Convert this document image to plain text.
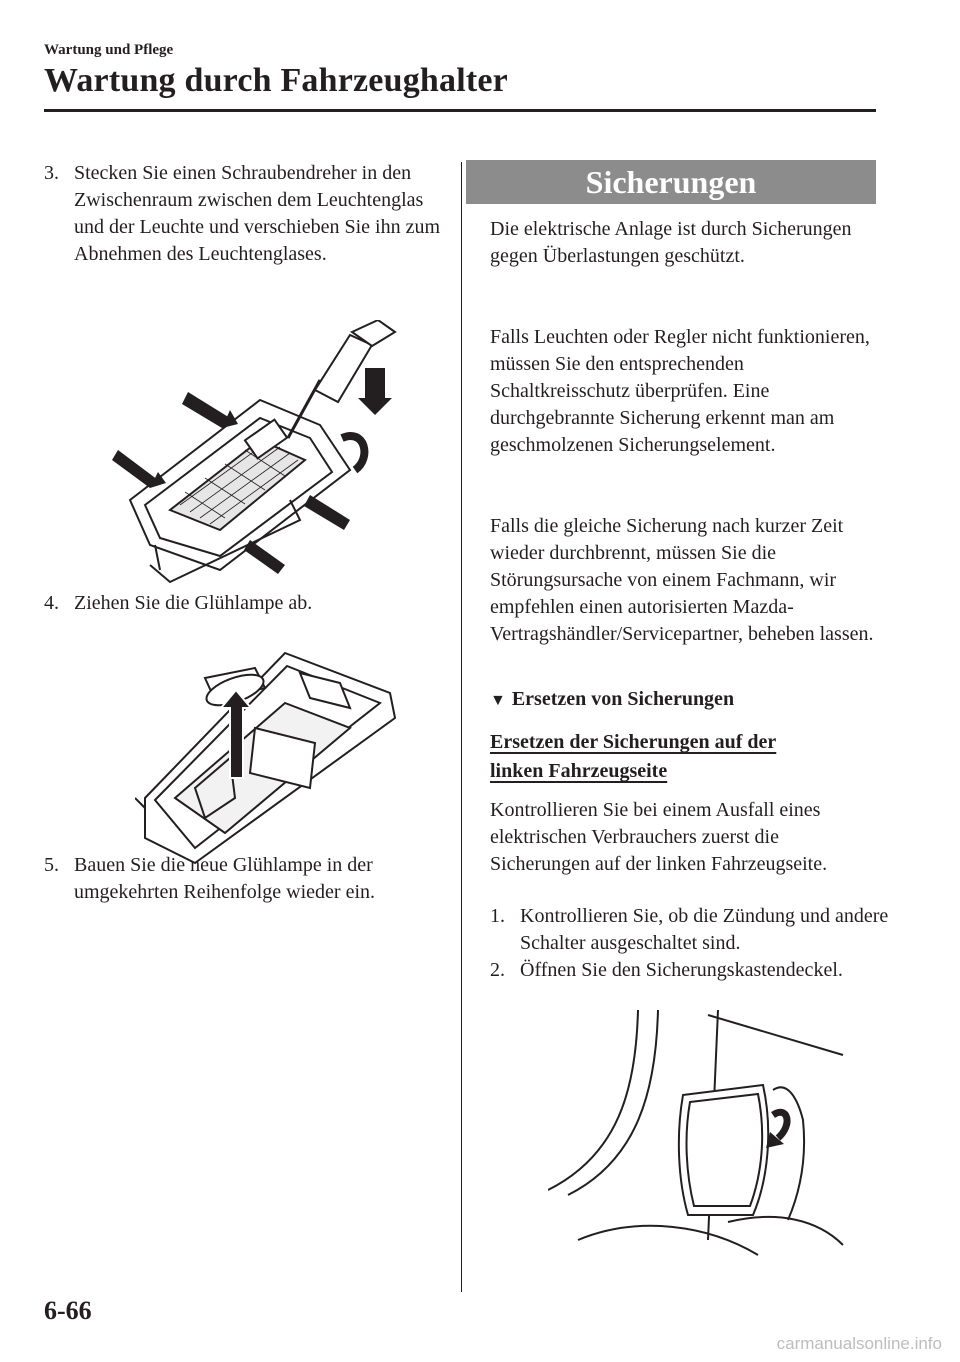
Wartung und Pflege
Wartung durch Fahrzeughalter
3. Stecken Sie einen Schraubendreher in den Zwischenraum zwischen dem Leuchtenglas und der Leuchte und verschieben Sie ihn zum Abnehmen des Leuchtenglases.
4. Ziehen Sie die Glühlampe ab.
5. Bauen Sie die neue Glühlampe in der umgekehrten Reihenfolge wieder ein.
Sicherungen

Die elektrische Anlage ist durch Sicherungen gegen Überlastungen geschützt.

Falls Leuchten oder Regler nicht funktionieren, müssen Sie den entsprechenden Schaltkreisschutz überprüfen. Eine durchgebrannte Sicherung erkennt man am geschmolzenen Sicherungselement.

Falls die gleiche Sicherung nach kurzer Zeit wieder durchbrennt, müssen Sie die Störungsursache von einem Fachmann, wir empfehlen einen autorisierten Mazda-Vertragshändler/Servicepartner, beheben lassen.

▼ Ersetzen von Sicherungen
Ersetzen der Sicherungen auf der
linken Fahrzeugseite

Kontrollieren Sie bei einem Ausfall eines elektrischen Verbrauchers zuerst die Sicherungen auf der linken Fahrzeugseite.

1. Kontrollieren Sie, ob die Zündung und andere Schalter ausgeschaltet sind.
2. Öffnen Sie den Sicherungskastendeckel.
6-66
carmanualsonline.info
